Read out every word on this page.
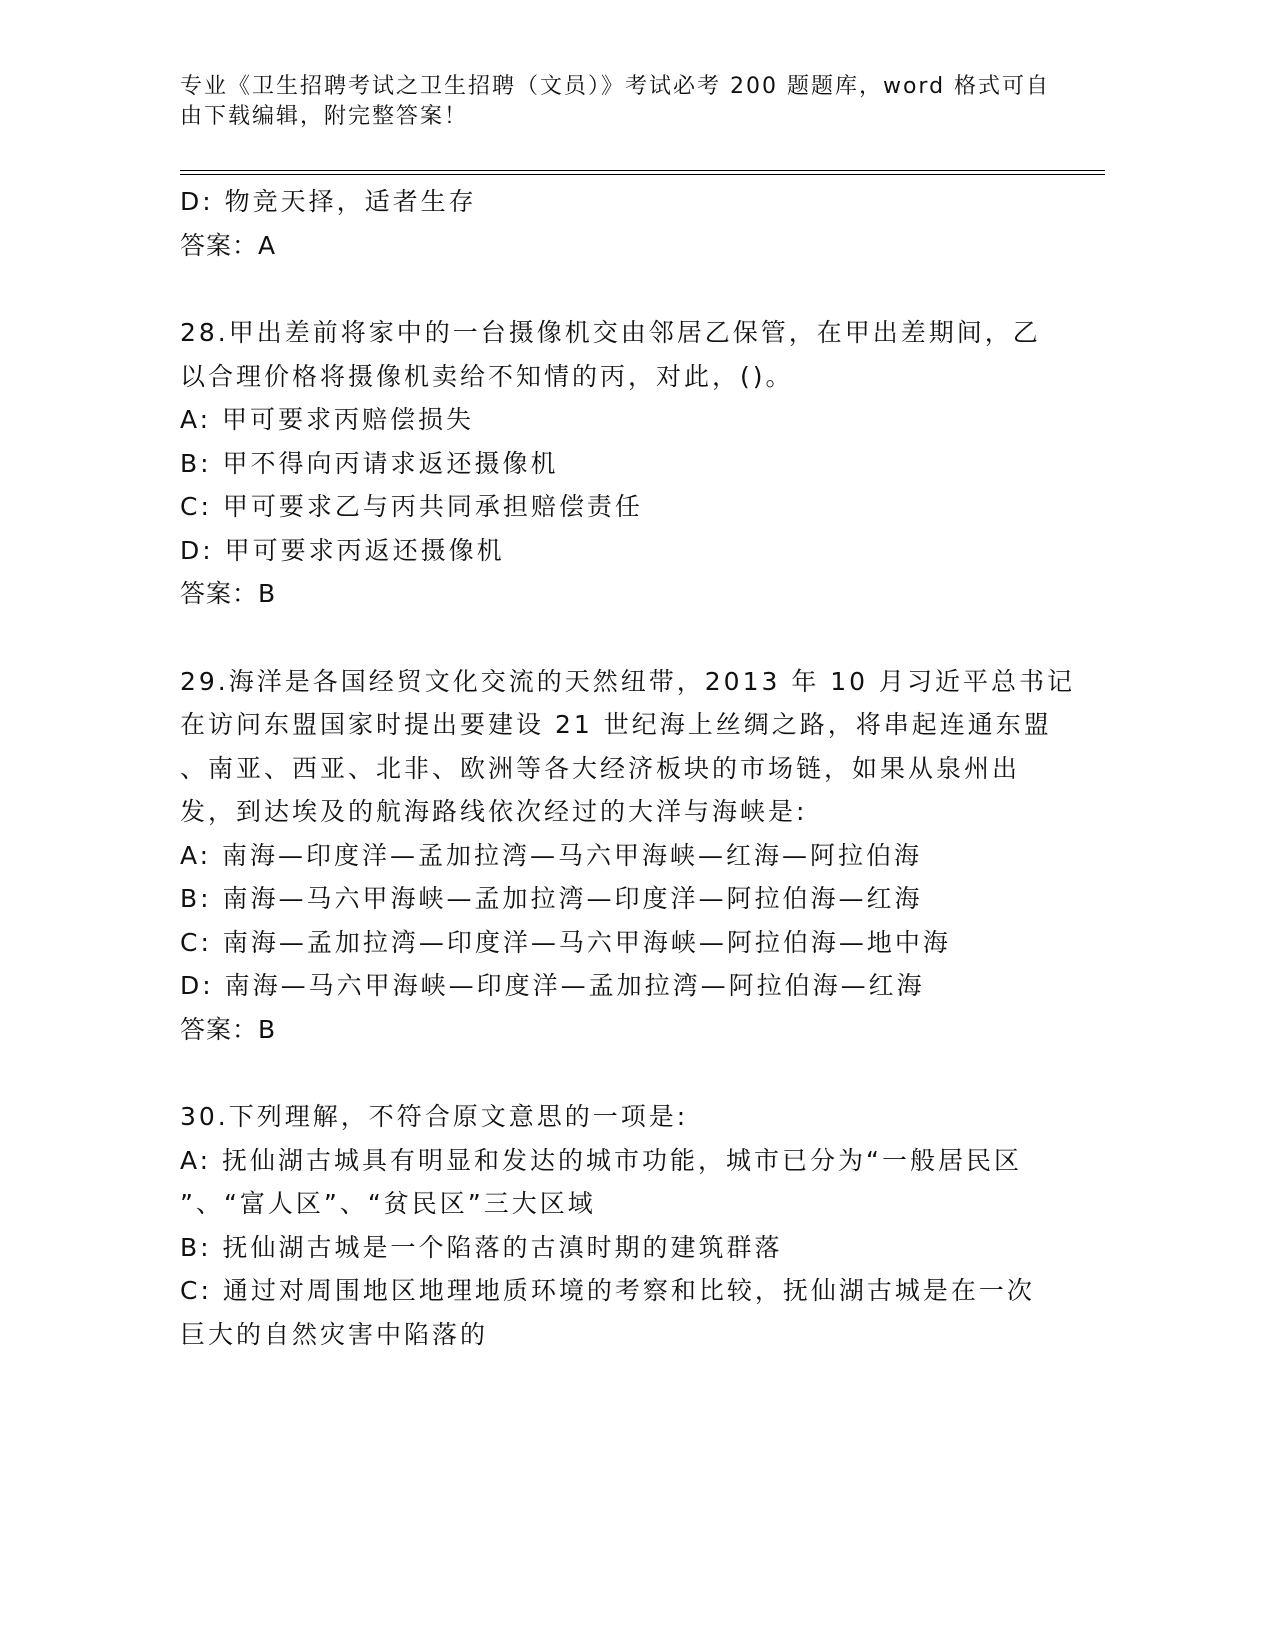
专业《卫生招聘考试之卫生招聘（文员）》考试必考 200 题题库，word 格式可自
由下载编辑，附完整答案！
D: 物竞天择，适者生存
答案：A
28.甲出差前将家中的一台摄像机交由邻居乙保管，在甲出差期间，乙
以合理价格将摄像机卖给不知情的丙，对此，()。
A: 甲可要求丙赔偿损失
B: 甲不得向丙请求返还摄像机
C: 甲可要求乙与丙共同承担赔偿责任
D: 甲可要求丙返还摄像机
答案：B
29.海洋是各国经贸文化交流的天然纽带，2013 年 10 月习近平总书记
在访问东盟国家时提出要建设 21 世纪海上丝绸之路，将串起连通东盟
、南亚、西亚、北非、欧洲等各大经济板块的市场链，如果从泉州出
发，到达埃及的航海路线依次经过的大洋与海峡是:
A: 南海—印度洋—孟加拉湾—马六甲海峡—红海—阿拉伯海
B: 南海—马六甲海峡—孟加拉湾—印度洋—阿拉伯海—红海
C: 南海—孟加拉湾—印度洋—马六甲海峡—阿拉伯海—地中海
D: 南海—马六甲海峡—印度洋—孟加拉湾—阿拉伯海—红海
答案：B
30.下列理解，不符合原文意思的一项是:
A: 抚仙湖古城具有明显和发达的城市功能，城市已分为“一般居民区
”、“富人区”、“贫民区”三大区域
B: 抚仙湖古城是一个陷落的古滇时期的建筑群落
C: 通过对周围地区地理地质环境的考察和比较，抚仙湖古城是在一次
巨大的自然灾害中陷落的
